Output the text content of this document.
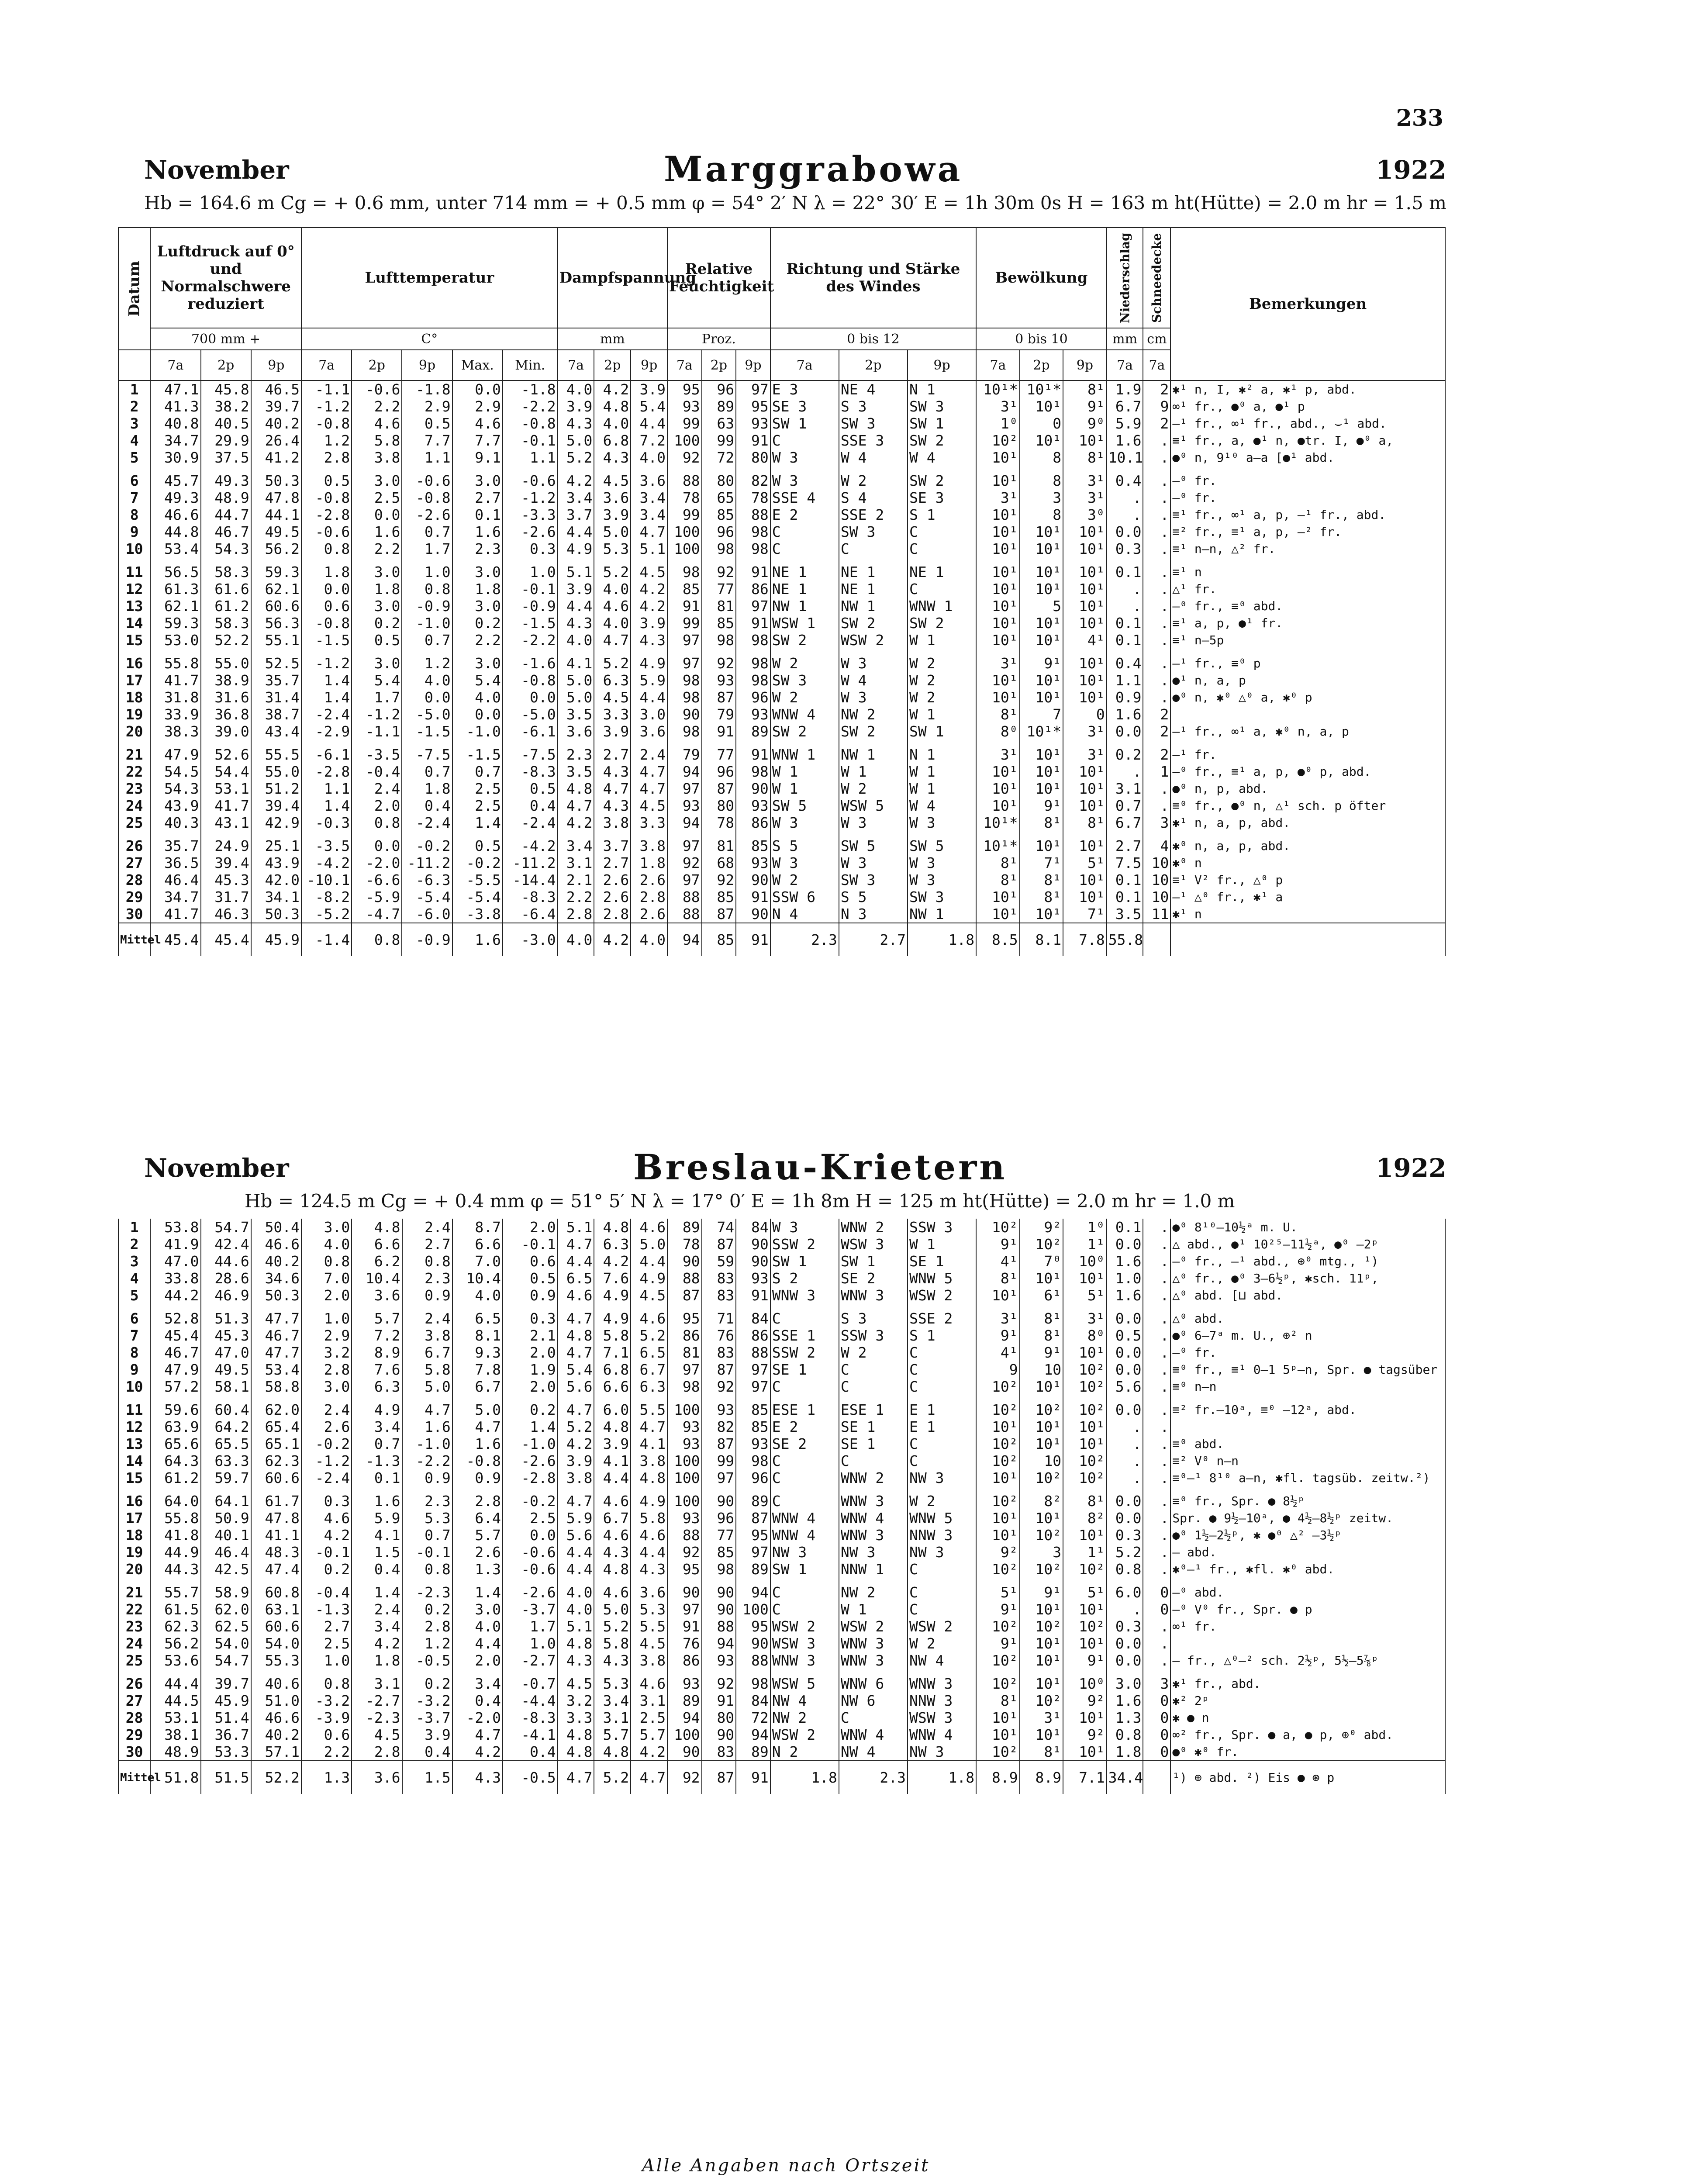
233
November	Marggrabowa	1922
Hb = 164.6 m Cg = + 0.6 mm, unter 714 mm = + 0.5 mm φ = 54° 2′ N λ = 22° 30′ E = 1h 30m 0s H = 163 m ht(Hütte) = 2.0 m hr = 1.5 m
Datum	Luftdruck auf 0° und Normalschwere reduziert			Lufttemperatur					Dampfspannung			Relative Feuchtigkeit			Richtung und Stärke des Windes			Bewölkung			Niederschlag	Schneedecke	Bemerkungen
	700 mm +			C°					mm			Proz.			0 bis 12			0 bis 10			mm	cm	
	7a	2p	9p	7a	2p	9p	Max.	Min.	7a	2p	9p	7a	2p	9p	7a	2p	9p	7a	2p	9p	7a	7a	
1	47.1	45.8	46.5	-1.1	-0.6	-1.8	0.0	-1.8	4.0	4.2	3.9	95	96	97	E 3	NE 4	N 1	10¹*	10¹*	8¹	1.9	2	✱¹ n, I, ✱² a, ✱¹ p, abd.
2	41.3	38.2	39.7	-1.2	2.2	2.9	2.9	-2.2	3.9	4.8	5.4	93	89	95	SE 3	S 3	SW 3	3¹	10¹	9¹	6.7	9	∞¹ fr., ●⁰ a, ●¹ p
3	40.8	40.5	40.2	-0.8	4.6	0.5	4.6	-0.8	4.3	4.0	4.4	99	63	93	SW 1	SW 3	SW 1	1⁰	0	9⁰	5.9	2	—¹ fr., ∞¹ fr., abd., ⌣¹ abd.
4	34.7	29.9	26.4	1.2	5.8	7.7	7.7	-0.1	5.0	6.8	7.2	100	99	91	C	SSE 3	SW 2	10²	10¹	10¹	1.6	.	≡¹ fr., a, ●¹ n, ●tr. I, ●⁰ a,
5	30.9	37.5	41.2	2.8	3.8	1.1	9.1	1.1	5.2	4.3	4.0	92	72	80	W 3	W 4	W 4	10¹	8	8¹	10.1	.	●⁰ n, 9¹⁰ a–a [●¹ abd.
6	45.7	49.3	50.3	0.5	3.0	-0.6	3.0	-0.6	4.2	4.5	3.6	88	80	82	W 3	W 2	SW 2	10¹	8	3¹	0.4	.	—⁰ fr.
7	49.3	48.9	47.8	-0.8	2.5	-0.8	2.7	-1.2	3.4	3.6	3.4	78	65	78	SSE 4	S 4	SE 3	3¹	3	3¹	.	.	—⁰ fr.
8	46.6	44.7	44.1	-2.8	0.0	-2.6	0.1	-3.3	3.7	3.9	3.4	99	85	88	E 2	SSE 2	S 1	10¹	8	3⁰	.	.	≡¹ fr., ∞¹ a, p, —¹ fr., abd.
9	44.8	46.7	49.5	-0.6	1.6	0.7	1.6	-2.6	4.4	5.0	4.7	100	96	98	C	SW 3	C	10¹	10¹	10¹	0.0	.	≡² fr., ≡¹ a, p, —² fr.
10	53.4	54.3	56.2	0.8	2.2	1.7	2.3	0.3	4.9	5.3	5.1	100	98	98	C	C	C	10¹	10¹	10¹	0.3	.	≡¹ n–n, △² fr.
11	56.5	58.3	59.3	1.8	3.0	1.0	3.0	1.0	5.1	5.2	4.5	98	92	91	NE 1	NE 1	NE 1	10¹	10¹	10¹	0.1	.	≡¹ n
12	61.3	61.6	62.1	0.0	1.8	0.8	1.8	-0.1	3.9	4.0	4.2	85	77	86	NE 1	NE 1	C	10¹	10¹	10¹	.	.	△¹ fr.
13	62.1	61.2	60.6	0.6	3.0	-0.9	3.0	-0.9	4.4	4.6	4.2	91	81	97	NW 1	NW 1	WNW 1	10¹	5	10¹	.	.	—⁰ fr., ≡⁰ abd.
14	59.3	58.3	56.3	-0.8	0.2	-1.0	0.2	-1.5	4.3	4.0	3.9	99	85	91	WSW 1	SW 2	SW 2	10¹	10¹	10¹	0.1	.	≡¹ a, p, ●¹ fr.
15	53.0	52.2	55.1	-1.5	0.5	0.7	2.2	-2.2	4.0	4.7	4.3	97	98	98	SW 2	WSW 2	W 1	10¹	10¹	4¹	0.1	.	≡¹ n–5p
16	55.8	55.0	52.5	-1.2	3.0	1.2	3.0	-1.6	4.1	5.2	4.9	97	92	98	W 2	W 3	W 2	3¹	9¹	10¹	0.4	.	—¹ fr., ≡⁰ p
17	41.7	38.9	35.7	1.4	5.4	4.0	5.4	-0.8	5.0	6.3	5.9	98	93	98	SW 3	W 4	W 2	10¹	10¹	10¹	1.1	.	●¹ n, a, p
18	31.8	31.6	31.4	1.4	1.7	0.0	4.0	0.0	5.0	4.5	4.4	98	87	96	W 2	W 3	W 2	10¹	10¹	10¹	0.9	.	●⁰ n, ✱⁰ △⁰ a, ✱⁰ p
19	33.9	36.8	38.7	-2.4	-1.2	-5.0	0.0	-5.0	3.5	3.3	3.0	90	79	93	WNW 4	NW 2	W 1	8¹	7	0	1.6	2	
20	38.3	39.0	43.4	-2.9	-1.1	-1.5	-1.0	-6.1	3.6	3.9	3.6	98	91	89	SW 2	SW 2	SW 1	8⁰	10¹*	3¹	0.0	2	—¹ fr., ∞¹ a, ✱⁰ n, a, p
21	47.9	52.6	55.5	-6.1	-3.5	-7.5	-1.5	-7.5	2.3	2.7	2.4	79	77	91	WNW 1	NW 1	N 1	3¹	10¹	3¹	0.2	2	—¹ fr.
22	54.5	54.4	55.0	-2.8	-0.4	0.7	0.7	-8.3	3.5	4.3	4.7	94	96	98	W 1	W 1	W 1	10¹	10¹	10¹	.	1	—⁰ fr., ≡¹ a, p, ●⁰ p, abd.
23	54.3	53.1	51.2	1.1	2.4	1.8	2.5	0.5	4.8	4.7	4.7	97	87	90	W 1	W 2	W 1	10¹	10¹	10¹	3.1	.	●⁰ n, p, abd.
24	43.9	41.7	39.4	1.4	2.0	0.4	2.5	0.4	4.7	4.3	4.5	93	80	93	SW 5	WSW 5	W 4	10¹	9¹	10¹	0.7	.	≡⁰ fr., ●⁰ n, △¹ sch. p öfter
25	40.3	43.1	42.9	-0.3	0.8	-2.4	1.4	-2.4	4.2	3.8	3.3	94	78	86	W 3	W 3	W 3	10¹*	8¹	8¹	6.7	3	✱¹ n, a, p, abd.
26	35.7	24.9	25.1	-3.5	0.0	-0.2	0.5	-4.2	3.4	3.7	3.8	97	81	85	S 5	SW 5	SW 5	10¹*	10¹	10¹	2.7	4	✱⁰ n, a, p, abd.
27	36.5	39.4	43.9	-4.2	-2.0	-11.2	-0.2	-11.2	3.1	2.7	1.8	92	68	93	W 3	W 3	W 3	8¹	7¹	5¹	7.5	10	✱⁰ n
28	46.4	45.3	42.0	-10.1	-6.6	-6.3	-5.5	-14.4	2.1	2.6	2.6	97	92	90	W 2	SW 3	W 3	8¹	8¹	10¹	0.1	10	≡¹ V² fr., △⁰ p
29	34.7	31.7	34.1	-8.2	-5.9	-5.4	-5.4	-8.3	2.2	2.6	2.8	88	85	91	SSW 6	S 5	SW 3	10¹	8¹	10¹	0.1	10	—¹ △⁰ fr., ✱¹ a
30	41.7	46.3	50.3	-5.2	-4.7	-6.0	-3.8	-6.4	2.8	2.8	2.6	88	87	90	N 4	N 3	NW 1	10¹	10¹	7¹	3.5	11	✱¹ n
Mittel	45.4	45.4	45.9	-1.4	0.8	-0.9	1.6	-3.0	4.0	4.2	4.0	94	85	91	2.3	2.7	1.8	8.5	8.1	7.8	55.8		
November	Breslau-Krietern	1922
Hb = 124.5 m Cg = + 0.4 mm φ = 51° 5′ N λ = 17° 0′ E = 1h 8m H = 125 m ht(Hütte) = 2.0 m hr = 1.0 m
1	53.8	54.7	50.4	3.0	4.8	2.4	8.7	2.0	5.1	4.8	4.6	89	74	84	W 3	WNW 2	SSW 3	10²	9²	1⁰	0.1	.	●⁰ 8¹⁰–10½ᵃ m. U.
2	41.9	42.4	46.6	4.0	6.6	2.7	6.6	-0.1	4.7	6.3	5.0	78	87	90	SSW 2	WSW 3	W 1	9¹	10²	1¹	0.0	.	△ abd., ●¹ 10²⁵–11½ᵃ, ●⁰ –2ᵖ
3	47.0	44.6	40.2	0.8	6.2	0.8	7.0	0.6	4.4	4.2	4.4	90	59	90	SW 1	SW 1	SE 1	4¹	7⁰	10⁰	1.6	.	—⁰ fr., —¹ abd., ⊕⁰ mtg., ¹)
4	33.8	28.6	34.6	7.0	10.4	2.3	10.4	0.5	6.5	7.6	4.9	88	83	93	S 2	SE 2	WNW 5	8¹	10¹	10¹	1.0	.	△⁰ fr., ●⁰ 3–6½ᵖ, ✱sch. 11ᵖ,
5	44.2	46.9	50.3	2.0	3.6	0.9	4.0	0.9	4.6	4.9	4.5	87	83	91	WNW 3	WNW 3	WSW 2	10¹	6¹	5¹	1.6	.	△⁰ abd. [⊔ abd.
6	52.8	51.3	47.7	1.0	5.7	2.4	6.5	0.3	4.7	4.9	4.6	95	71	84	C	S 3	SSE 2	3¹	8¹	3¹	0.0	.	△⁰ abd.
7	45.4	45.3	46.7	2.9	7.2	3.8	8.1	2.1	4.8	5.8	5.2	86	76	86	SSE 1	SSW 3	S 1	9¹	8¹	8⁰	0.5	.	●⁰ 6–7ᵃ m. U., ⊕² n
8	46.7	47.0	47.7	3.2	8.9	6.7	9.3	2.0	4.7	7.1	6.5	81	83	88	SSW 2	W 2	C	4¹	9¹	10¹	0.0	.	—⁰ fr.
9	47.9	49.5	53.4	2.8	7.6	5.8	7.8	1.9	5.4	6.8	6.7	97	87	97	SE 1	C	C	9	10	10²	0.0	.	≡⁰ fr., ≡¹ 0–1 5ᵖ–n, Spr. ● tagsüber
10	57.2	58.1	58.8	3.0	6.3	5.0	6.7	2.0	5.6	6.6	6.3	98	92	97	C	C	C	10²	10¹	10²	5.6	.	≡⁰ n–n
11	59.6	60.4	62.0	2.4	4.9	4.7	5.0	0.2	4.7	6.0	5.5	100	93	85	ESE 1	ESE 1	E 1	10²	10²	10²	0.0	.	≡² fr.–10ᵃ, ≡⁰ –12ᵃ, abd.
12	63.9	64.2	65.4	2.6	3.4	1.6	4.7	1.4	5.2	4.8	4.7	93	82	85	E 2	SE 1	E 1	10¹	10¹	10¹	.	.	
13	65.6	65.5	65.1	-0.2	0.7	-1.0	1.6	-1.0	4.2	3.9	4.1	93	87	93	SE 2	SE 1	C	10²	10¹	10¹	.	.	≡⁰ abd.
14	64.3	63.3	62.3	-1.2	-1.3	-2.2	-0.8	-2.6	3.9	4.1	3.8	100	99	98	C	C	C	10²	10	10²	.	.	≡² V⁰ n–n
15	61.2	59.7	60.6	-2.4	0.1	0.9	0.9	-2.8	3.8	4.4	4.8	100	97	96	C	WNW 2	NW 3	10¹	10²	10²	.	.	≡⁰–¹ 8¹⁰ a–n, ✱fl. tagsüb. zeitw.²)
16	64.0	64.1	61.7	0.3	1.6	2.3	2.8	-0.2	4.7	4.6	4.9	100	90	89	C	WNW 3	W 2	10²	8²	8¹	0.0	.	≡⁰ fr., Spr. ● 8½ᵖ
17	55.8	50.9	47.8	4.6	5.9	5.3	6.4	2.5	5.9	6.7	5.8	93	96	87	WNW 4	WNW 4	WNW 5	10¹	10¹	8²	0.0	.	Spr. ● 9½–10ᵃ, ● 4½–8½ᵖ zeitw.
18	41.8	40.1	41.1	4.2	4.1	0.7	5.7	0.0	5.6	4.6	4.6	88	77	95	WNW 4	WNW 3	NNW 3	10¹	10²	10¹	0.3	.	●⁰ 1½–2½ᵖ, ✱ ●⁰ △² –3½ᵖ
19	44.9	46.4	48.3	-0.1	1.5	-0.1	2.6	-0.6	4.4	4.3	4.4	92	85	97	NW 3	NW 3	NW 3	9²	3	1¹	5.2	.	— abd.
20	44.3	42.5	47.4	0.2	0.4	0.8	1.3	-0.6	4.4	4.8	4.3	95	98	89	SW 1	NNW 1	C	10²	10²	10²	0.8	.	✱⁰–¹ fr., ✱fl. ✱⁰ abd.
21	55.7	58.9	60.8	-0.4	1.4	-2.3	1.4	-2.6	4.0	4.6	3.6	90	90	94	C	NW 2	C	5¹	9¹	5¹	6.0	0	—⁰ abd.
22	61.5	62.0	63.1	-1.3	2.4	0.2	3.0	-3.7	4.0	5.0	5.3	97	90	100	C	W 1	C	9¹	10¹	10¹	.	0	—⁰ V⁰ fr., Spr. ● p
23	62.3	62.5	60.6	2.7	3.4	2.8	4.0	1.7	5.1	5.2	5.5	91	88	95	WSW 2	WSW 2	WSW 2	10²	10²	10²	0.3	.	∞¹ fr.
24	56.2	54.0	54.0	2.5	4.2	1.2	4.4	1.0	4.8	5.8	4.5	76	94	90	WSW 3	WNW 3	W 2	9¹	10¹	10¹	0.0	.	
25	53.6	54.7	55.3	1.0	1.8	-0.5	2.0	-2.7	4.3	4.3	3.8	86	93	88	WNW 3	WNW 3	NW 4	10²	10¹	9¹	0.0	.	— fr., △⁰–² sch. 2½ᵖ, 5½–5⅞ᵖ
26	44.4	39.7	40.6	0.8	3.1	0.2	3.4	-0.7	4.5	5.3	4.6	93	92	98	WSW 5	WNW 6	WNW 3	10²	10¹	10⁰	3.0	3	✱¹ fr., abd.
27	44.5	45.9	51.0	-3.2	-2.7	-3.2	0.4	-4.4	3.2	3.4	3.1	89	91	84	NW 4	NW 6	NNW 3	8¹	10²	9²	1.6	0	✱² 2ᵖ
28	53.1	51.4	46.6	-3.9	-2.3	-3.7	-2.0	-8.3	3.3	3.1	2.5	94	80	72	NW 2	C	WSW 3	10¹	3¹	10¹	1.3	0	✱ ● n
29	38.1	36.7	40.2	0.6	4.5	3.9	4.7	-4.1	4.8	5.7	5.7	100	90	94	WSW 2	WNW 4	WNW 4	10¹	10¹	9²	0.8	0	∞² fr., Spr. ● a, ● p, ⊕⁰ abd.
30	48.9	53.3	57.1	2.2	2.8	0.4	4.2	0.4	4.8	4.8	4.2	90	83	89	N 2	NW 4	NW 3	10²	8¹	10¹	1.8	0	●⁰ ✱⁰ fr.
Mittel	51.8	51.5	52.2	1.3	3.6	1.5	4.3	-0.5	4.7	5.2	4.7	92	87	91	1.8	2.3	1.8	8.9	8.9	7.1	34.4		¹) ⊕ abd. ²) Eis ● ⊛ p
Alle Angaben nach Ortszeit
